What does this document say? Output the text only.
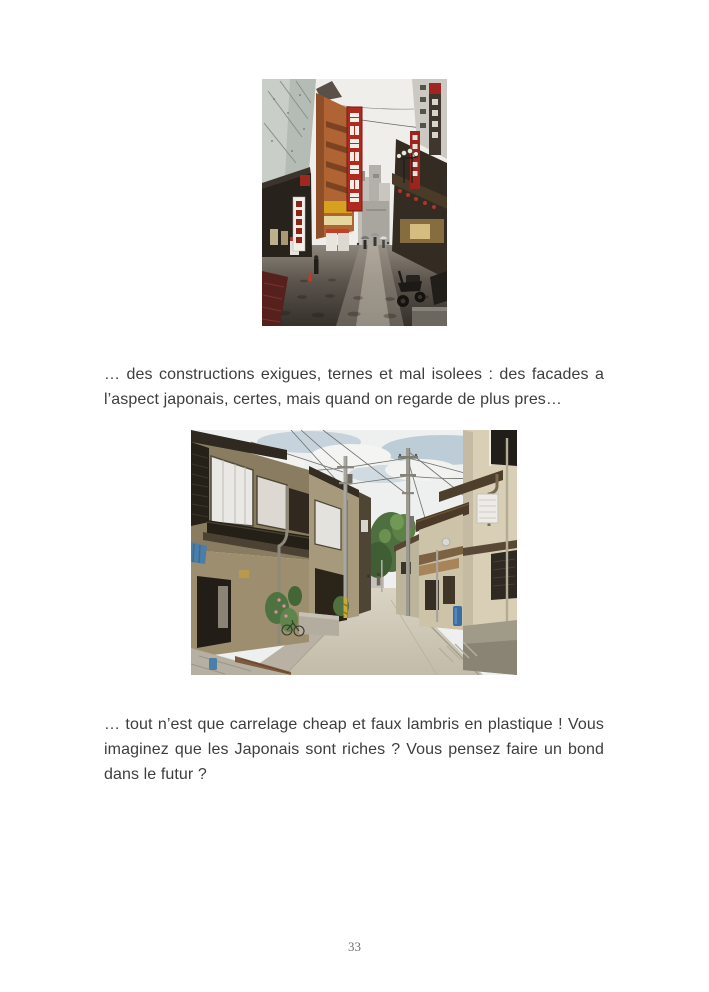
… des constructions exigues, ternes et mal isolees : des facades a l’aspect japonais, certes, mais quand on regarde de plus pres…

… tout n’est que carrelage cheap et faux lambris en plastique ! Vous imaginez que les Japonais sont riches ? Vous pensez faire un bond dans le futur ?

33
